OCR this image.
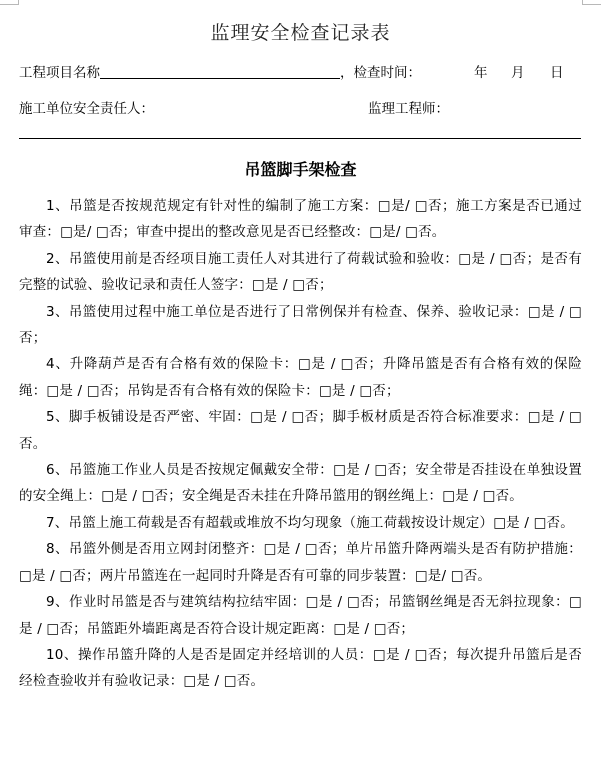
监理安全检查记录表
工程项目名称	，检查时间：	年 月 日
施工单位安全责任人：	监理工程师：
吊篮脚手架检查

1、吊篮是否按规范规定有针对性的编制了施工方案：□是/ □否；施工方案是否已通过审查：□是/ □否；审查中提出的整改意见是否已经整改：□是/ □否。

2、吊篮使用前是否经项目施工责任人对其进行了荷载试验和验收：□是 / □否；是否有完整的试验、验收记录和责任人签字：□是 / □否；

3、吊篮使用过程中施工单位是否进行了日常例保并有检查、保养、验收记录：□是 / □否；

4、升降葫芦是否有合格有效的保险卡：□是 / □否；升降吊篮是否有合格有效的保险绳：□是 / □否；吊钩是否有合格有效的保险卡：□是 / □否；

5、脚手板铺设是否严密、牢固：□是 / □否；脚手板材质是否符合标准要求：□是 / □否。

6、吊篮施工作业人员是否按规定佩戴安全带：□是 / □否；安全带是否挂设在单独设置的安全绳上：□是 / □否；安全绳是否未挂在升降吊篮用的钢丝绳上：□是 / □否。

7、吊篮上施工荷载是否有超载或堆放不均匀现象（施工荷载按设计规定）□是 / □否。

8、吊篮外侧是否用立网封闭整齐：□是 / □否；单片吊篮升降两端头是否有防护措施：□是 / □否；两片吊篮连在一起同时升降是否有可靠的同步装置：□是/ □否。

9、作业时吊篮是否与建筑结构拉结牢固：□是 / □否；吊篮钢丝绳是否无斜拉现象：□是 / □否；吊篮距外墙距离是否符合设计规定距离：□是 / □否；

10、操作吊篮升降的人是否是固定并经培训的人员：□是 / □否；每次提升吊篮后是否经检查验收并有验收记录：□是 / □否。
